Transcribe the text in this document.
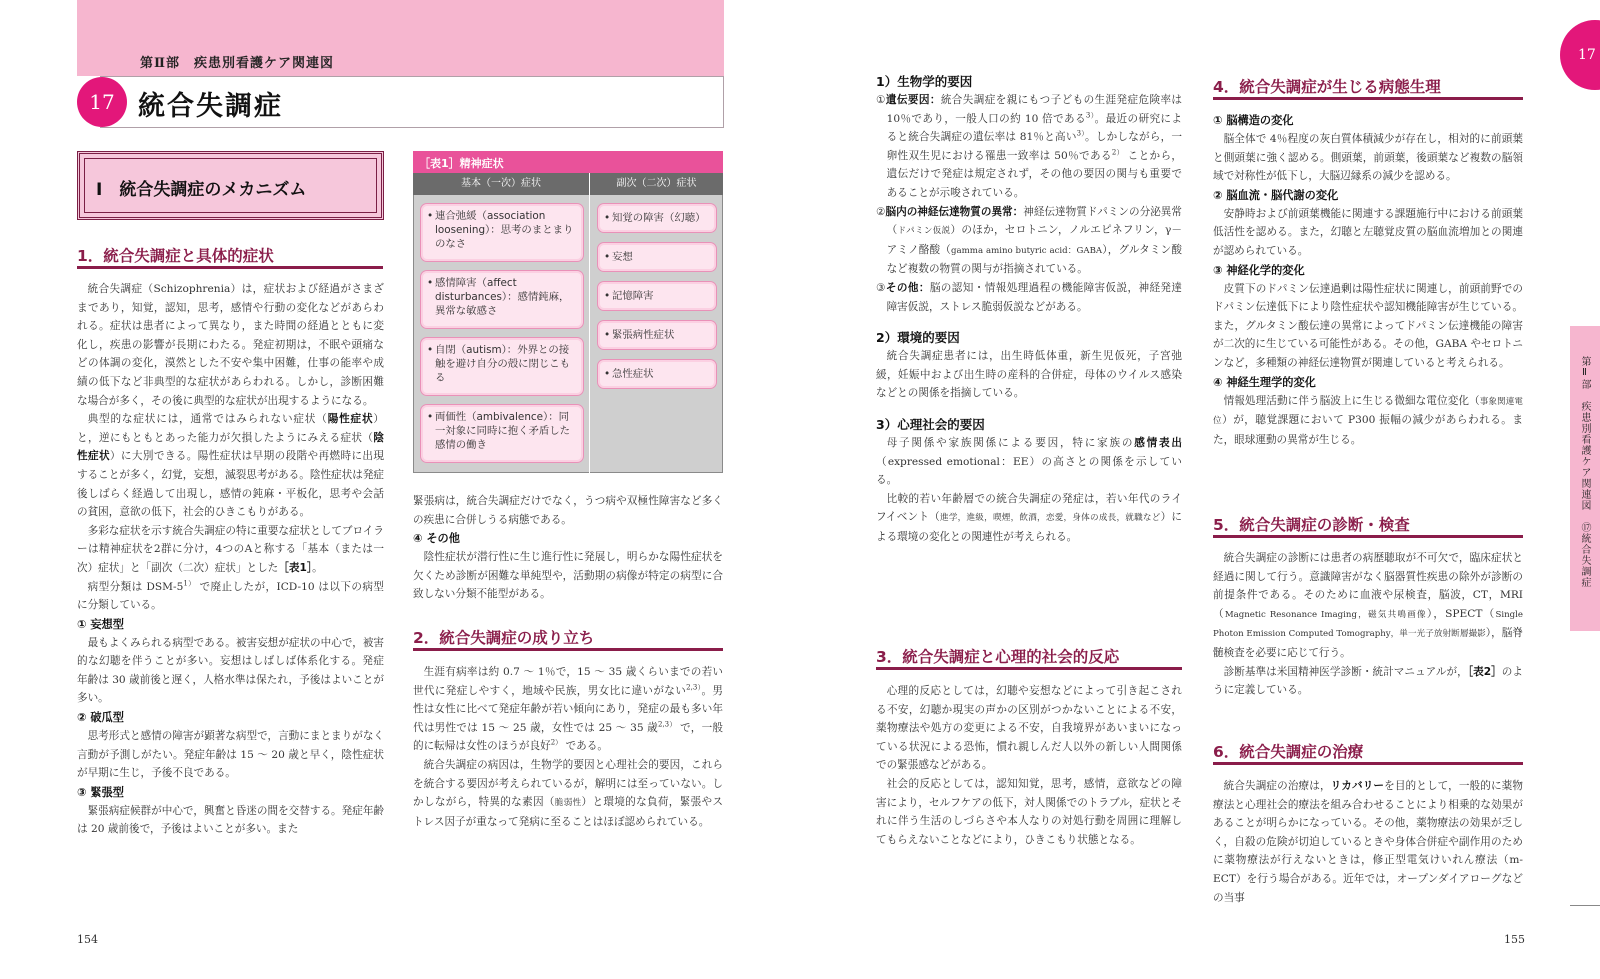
第Ⅱ部　疾患別看護ケア関連図
17 統合失調症
17
第Ⅱ部　疾患別看護ケア関連図　⑰統合失調症
Ⅰ　統合失調症のメカニズム
1．統合失調症と具体的症状
統合失調症（Schizophrenia）は，症状および経過がさまざまであり，知覚，認知，思考，感情や行動の変化などがあらわれる。症状は患者によって異なり，また時間の経過とともに変化し，疾患の影響が長期にわたる。発症初期は，不眠や頭痛などの体調の変化，漠然とした不安や集中困難，仕事の能率や成績の低下など非典型的な症状があらわれる。しかし，診断困難な場合が多く，その後に典型的な症状が出現するようになる。
典型的な症状には，通常ではみられない症状（陽性症状）と，逆にもともとあった能力が欠損したようにみえる症状（陰性症状）に大別できる。陽性症状は早期の段階や再燃時に出現することが多く，幻覚，妄想，滅裂思考がある。陰性症状は発症後しばらく経過して出現し，感情の鈍麻・平板化，思考や会話の貧困，意欲の低下，社会的ひきこもりがある。
多彩な症状を示す統合失調症の特に重要な症状としてブロイラーは精神症状を2群に分け，4つのAと称する「基本（または一次）症状」と「副次（二次）症状」とした［表1］。
病型分類は DSM-$5^{1)}$ で廃止したが，ICD-10 は以下の病型に分類している。
① 妄想型
最もよくみられる病型である。被害妄想が症状の中心で，被害的な幻聴を伴うことが多い。妄想はしばしば体系化する。発症年齢は 30 歳前後と遅く，人格水準は保たれ，予後はよいことが多い。
② 破瓜型
思考形式と感情の障害が顕著な病型で，言動にまとまりがなく言動が予測しがたい。発症年齢は 15 ～ 20 歳と早く，陰性症状が早期に生じ，予後不良である。
③ 緊張型
緊張病症候群が中心で，興奮と昏迷の間を交替する。発症年齢は 20 歳前後で，予後はよいことが多い。また
［表1］精神症状
基本（一次）症状	副次（二次）症状
• 連合弛緩（association loosening）：思考のまとまりのなさ
• 感情障害（affect disturbances）：感情鈍麻，異常な敏感さ
• 自閉（autism）：外界との接触を避け自分の殻に閉じこもる
• 両価性（ambivalence）：同一対象に同時に抱く矛盾した感情の働き
• 知覚の障害（幻聴）
• 妄想
• 記憶障害
• 緊張病性症状
• 急性症状
緊張病は，統合失調症だけでなく，うつ病や双極性障害など多くの疾患に合併しうる病態である。
④ その他
陰性症状が潜行性に生じ進行性に発展し，明らかな陽性症状を欠くため診断が困難な単純型や，活動期の病像が特定の病型に合致しない分類不能型がある。
2．統合失調症の成り立ち
生涯有病率は約 0.7 ～ 1％で，15 ～ 35 歳くらいまでの若い世代に発症しやすく，地域や民族，男女比に違いがない$^{2,3)}$。男性は女性に比べて発症年齢が若い傾向にあり，発症の最も多い年代は男性では 15 ～ 25 歳，女性では 25 ～ 35 歳$^{2,3)}$ で，一般的に転帰は女性のほうが良好$^{2)}$ である。
統合失調症の病因は，生物学的要因と心理社会的要因，これらを統合する要因が考えられているが，解明には至っていない。しかしながら，特異的な素因（脆弱性）と環境的な負荷，緊張やストレス因子が重なって発病に至ることはほぼ認められている。
1）生物学的要因
①遺伝要因：統合失調症を親にもつ子どもの生涯発症危険率は 10％であり，一般人口の約 10 倍である$^{3)}$。最近の研究によると統合失調症の遺伝率は 81％と高い$^{3)}$。しかしながら，一卵性双生児における罹患一致率は 50％である$^{2)}$ ことから，遺伝だけで発症は規定されず，その他の要因の関与も重要であることが示唆されている。
②脳内の神経伝達物質の異常：神経伝達物質ドパミンの分泌異常（ドパミン仮説）のほか，セロトニン，ノルエピネフリン，γ－アミノ酪酸（gamma amino butyric acid：GABA），グルタミン酸など複数の物質の関与が指摘されている。
③その他：脳の認知・情報処理過程の機能障害仮説，神経発達障害仮説，ストレス脆弱仮説などがある。
2）環境的要因
統合失調症患者には，出生時低体重，新生児仮死，子宮弛緩，妊娠中および出生時の産科的合併症，母体のウイルス感染などとの関係を指摘している。
3）心理社会的要因
母子関係や家族関係による要因，特に家族の感情表出（expressed emotional：EE）の高さとの関係を示している。
比較的若い年齢層での統合失調症の発症は，若い年代のライフイベント（進学，進級，喫煙，飲酒，恋愛，身体の成長，就職など）による環境の変化との関連性が考えられる。
3．統合失調症と心理的社会的反応
心理的反応としては，幻聴や妄想などによって引き起こされる不安，幻聴か現実の声かの区別がつかないことによる不安，薬物療法や処方の変更による不安，自我境界があいまいになっている状況による恐怖，慣れ親しんだ人以外の新しい人間関係での緊張感などがある。
社会的反応としては，認知知覚，思考，感情，意欲などの障害により，セルフケアの低下，対人関係でのトラブル，症状とそれに伴う生活のしづらさや本人なりの対処行動を周囲に理解してもらえないことなどにより，ひきこもり状態となる。
4．統合失調症が生じる病態生理
① 脳構造の変化
脳全体で 4％程度の灰白質体積減少が存在し，相対的に前頭葉と側頭葉に強く認める。側頭葉，前頭葉，後頭葉など複数の脳領域で対称性が低下し，大脳辺縁系の減少を認める。
② 脳血流・脳代謝の変化
安静時および前頭葉機能に関連する課題施行中における前頭葉低活性を認める。また，幻聴と左聴覚皮質の脳血流増加との関連が認められている。
③ 神経化学的変化
皮質下のドパミン伝達過剰は陽性症状に関連し，前頭前野でのドパミン伝達低下により陰性症状や認知機能障害が生じている。また，グルタミン酸伝達の異常によってドパミン伝達機能の障害が二次的に生じている可能性がある。その他，GABA やセロトニンなど，多種類の神経伝達物質が関連していると考えられる。
④ 神経生理学的変化
情報処理活動に伴う脳波上に生じる微細な電位変化（事象関連電位）が，聴覚課題において P300 振幅の減少があらわれる。また，眼球運動の異常が生じる。
5．統合失調症の診断・検査
統合失調症の診断には患者の病歴聴取が不可欠で，臨床症状と経過に関して行う。意識障害がなく脳器質性疾患の除外が診断の前提条件である。そのために血液や尿検査，脳波，CT，MRI（Magnetic Resonance Imaging，磁気共鳴画像），SPECT（Single Photon Emission Computed Tomography，単一光子放射断層撮影），脳脊髄検査を必要に応じて行う。
診断基準は米国精神医学診断・統計マニュアルが，［表2］のように定義している。
6．統合失調症の治療
統合失調症の治療は，リカバリーを目的として，一般的に薬物療法と心理社会的療法を組み合わせることにより相乗的な効果があることが明らかになっている。その他，薬物療法の効果が乏しく，自殺の危険が切迫しているときや身体合併症や副作用のために薬物療法が行えないときは，修正型電気けいれん療法（m-ECT）を行う場合がある。近年では，オープンダイアローグなどの当事
154	155
